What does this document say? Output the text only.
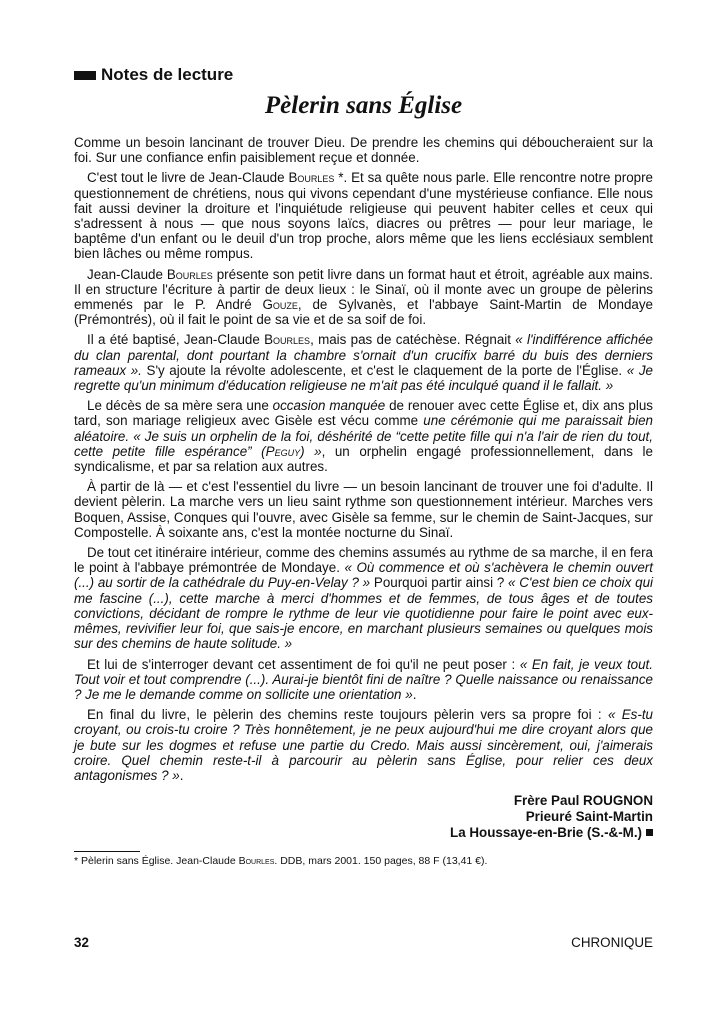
Notes de lecture
Pèlerin sans Église

Comme un besoin lancinant de trouver Dieu. De prendre les chemins qui déboucheraient sur la foi. Sur une confiance enfin paisiblement reçue et donnée.

C'est tout le livre de Jean-Claude Bourles *. Et sa quête nous parle. Elle rencontre notre propre questionnement de chrétiens, nous qui vivons cependant d'une mystérieuse confiance. Elle nous fait aussi deviner la droiture et l'inquiétude religieuse qui peuvent habiter celles et ceux qui s'adressent à nous — que nous soyons laïcs, diacres ou prêtres — pour leur mariage, le baptême d'un enfant ou le deuil d'un trop proche, alors même que les liens ecclésiaux semblent bien lâches ou même rompus.

Jean-Claude Bourles présente son petit livre dans un format haut et étroit, agréable aux mains. Il en structure l'écriture à partir de deux lieux : le Sinaï, où il monte avec un groupe de pèlerins emmenés par le P. André Gouze, de Sylvanès, et l'abbaye Saint-Martin de Mondaye (Prémontrés), où il fait le point de sa vie et de sa soif de foi.

Il a été baptisé, Jean-Claude Bourles, mais pas de catéchèse. Régnait « l'indifférence affichée du clan parental, dont pourtant la chambre s'ornait d'un crucifix barré du buis des derniers rameaux ». S'y ajoute la révolte adolescente, et c'est le claquement de la porte de l'Église. « Je regrette qu'un minimum d'éducation religieuse ne m'ait pas été inculqué quand il le fallait. »

Le décès de sa mère sera une occasion manquée de renouer avec cette Église et, dix ans plus tard, son mariage religieux avec Gisèle est vécu comme une cérémonie qui me paraissait bien aléatoire. « Je suis un orphelin de la foi, déshérité de “cette petite fille qui n'a l'air de rien du tout, cette petite fille espérance” (Peguy) », un orphelin engagé professionnellement, dans le syndicalisme, et par sa relation aux autres.

À partir de là — et c'est l'essentiel du livre — un besoin lancinant de trouver une foi d'adulte. Il devient pèlerin. La marche vers un lieu saint rythme son questionnement intérieur. Marches vers Boquen, Assise, Conques qui l'ouvre, avec Gisèle sa femme, sur le chemin de Saint-Jacques, sur Compostelle. À soixante ans, c'est la montée nocturne du Sinaï.

De tout cet itinéraire intérieur, comme des chemins assumés au rythme de sa marche, il en fera le point à l'abbaye prémontrée de Mondaye. « Où commence et où s'achèvera le chemin ouvert (...) au sortir de la cathédrale du Puy-en-Velay ? » Pourquoi partir ainsi ? « C'est bien ce choix qui me fascine (...), cette marche à merci d'hommes et de femmes, de tous âges et de toutes convictions, décidant de rompre le rythme de leur vie quotidienne pour faire le point avec eux-mêmes, revivifier leur foi, que sais-je encore, en marchant plusieurs semaines ou quelques mois sur des chemins de haute solitude. »

Et lui de s'interroger devant cet assentiment de foi qu'il ne peut poser : « En fait, je veux tout. Tout voir et tout comprendre (...). Aurai-je bientôt fini de naître ? Quelle naissance ou renaissance ? Je me le demande comme on sollicite une orientation ».

En final du livre, le pèlerin des chemins reste toujours pèlerin vers sa propre foi : « Es-tu croyant, ou crois-tu croire ? Très honnêtement, je ne peux aujourd'hui me dire croyant alors que je bute sur les dogmes et refuse une partie du Credo. Mais aussi sincèrement, oui, j'aimerais croire. Quel chemin reste-t-il à parcourir au pèlerin sans Église, pour relier ces deux antagonismes ? ».

Frère Paul ROUGNON
Prieuré Saint-Martin
La Houssaye-en-Brie (S.-&-M.)
* Pèlerin sans Église. Jean-Claude Bourles. DDB, mars 2001. 150 pages, 88 F (13,41 €).
32	CHRONIQUE
